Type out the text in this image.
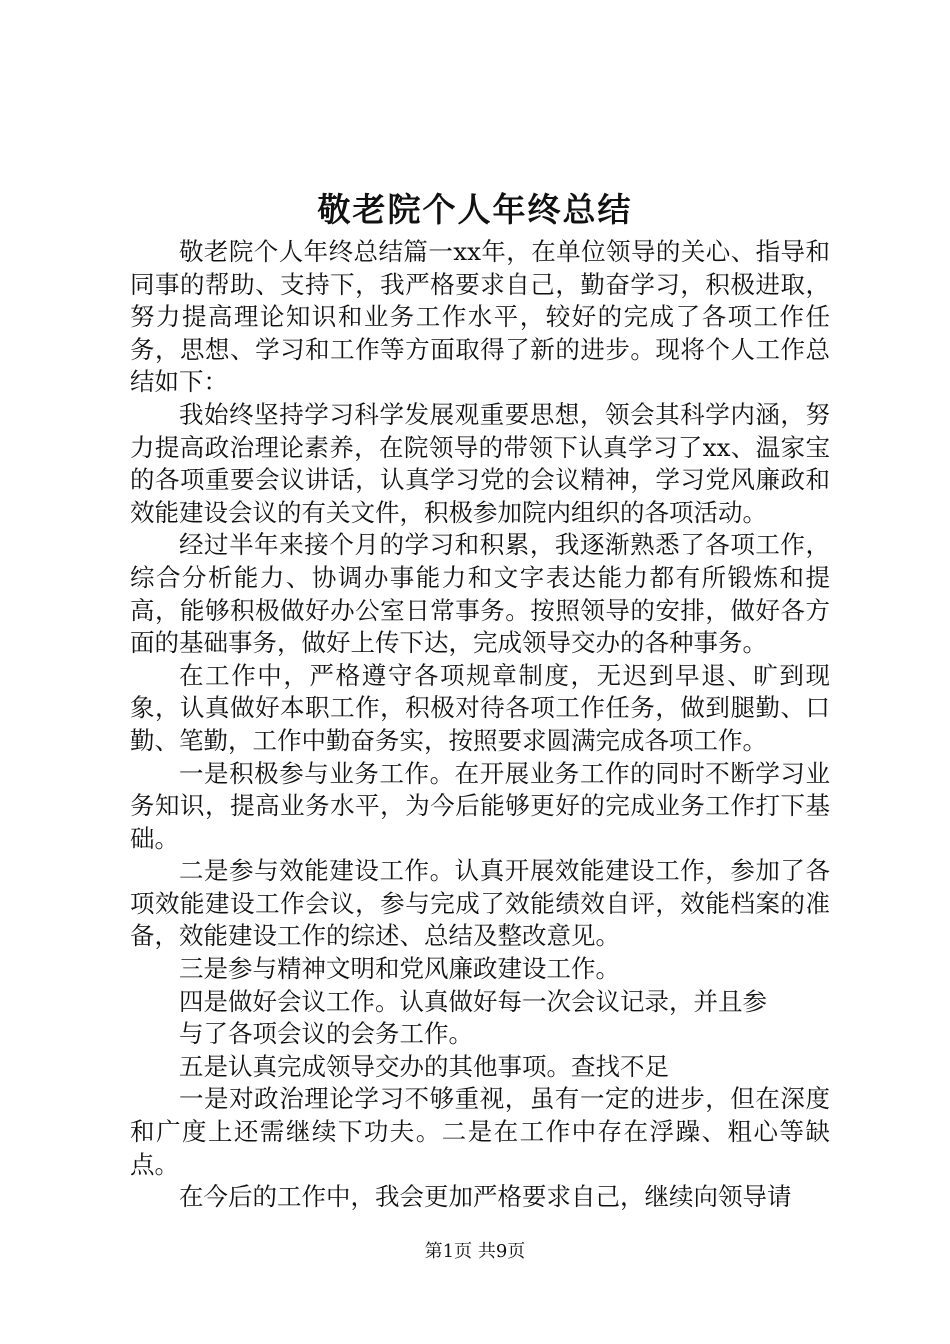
敬老院个人年终总结

敬老院个人年终总结篇一xx年，在单位领导的关心、指导和同事的帮助、支持下，我严格要求自己，勤奋学习，积极进取，努力提高理论知识和业务工作水平，较好的完成了各项工作任务，思想、学习和工作等方面取得了新的进步。现将个人工作总结如下：

我始终坚持学习科学发展观重要思想，领会其科学内涵，努力提高政治理论素养，在院领导的带领下认真学习了xx、温家宝的各项重要会议讲话，认真学习党的会议精神，学习党风廉政和效能建设会议的有关文件，积极参加院内组织的各项活动。

经过半年来接个月的学习和积累，我逐渐熟悉了各项工作，综合分析能力、协调办事能力和文字表达能力都有所锻炼和提高，能够积极做好办公室日常事务。按照领导的安排，做好各方面的基础事务，做好上传下达，完成领导交办的各种事务。

在工作中，严格遵守各项规章制度，无迟到早退、旷到现象，认真做好本职工作，积极对待各项工作任务，做到腿勤、口勤、笔勤，工作中勤奋务实，按照要求圆满完成各项工作。

一是积极参与业务工作。在开展业务工作的同时不断学习业务知识，提高业务水平，为今后能够更好的完成业务工作打下基础。

二是参与效能建设工作。认真开展效能建设工作，参加了各项效能建设工作会议，参与完成了效能绩效自评，效能档案的准备，效能建设工作的综述、总结及整改意见。

三是参与精神文明和党风廉政建设工作。

四是做好会议工作。认真做好每一次会议记录，并且参

与了各项会议的会务工作。

五是认真完成领导交办的其他事项。查找不足

一是对政治理论学习不够重视，虽有一定的进步，但在深度和广度上还需继续下功夫。二是在工作中存在浮躁、粗心等缺点。

在今后的工作中，我会更加严格要求自己，继续向领导请

第1页 共9页
